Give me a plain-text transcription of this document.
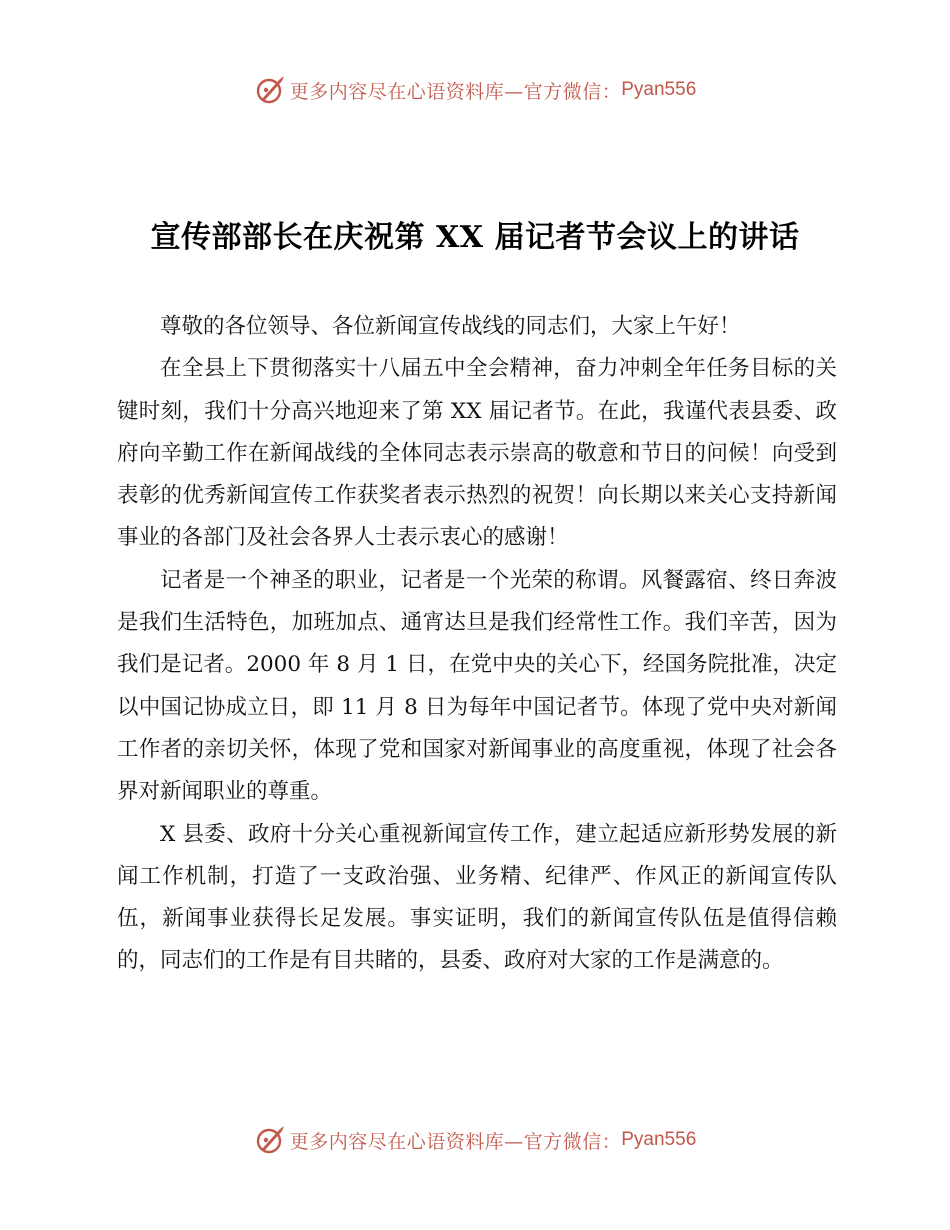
更多内容尽在心语资料库—官方微信： Pyan556
宣传部部长在庆祝第 XX 届记者节会议上的讲话

尊敬的各位领导、各位新闻宣传战线的同志们，大家上午好！

在全县上下贯彻落实十八届五中全会精神，奋力冲刺全年任务目标的关键时刻，我们十分高兴地迎来了第 XX 届记者节。在此，我谨代表县委、政府向辛勤工作在新闻战线的全体同志表示崇高的敬意和节日的问候！向受到表彰的优秀新闻宣传工作获奖者表示热烈的祝贺！向长期以来关心支持新闻事业的各部门及社会各界人士表示衷心的感谢！

记者是一个神圣的职业，记者是一个光荣的称谓。风餐露宿、终日奔波是我们生活特色，加班加点、通宵达旦是我们经常性工作。我们辛苦，因为我们是记者。2000 年 8 月 1 日，在党中央的关心下，经国务院批准，决定以中国记协成立日，即 11 月 8 日为每年中国记者节。体现了党中央对新闻工作者的亲切关怀，体现了党和国家对新闻事业的高度重视，体现了社会各界对新闻职业的尊重。

X 县委、政府十分关心重视新闻宣传工作，建立起适应新形势发展的新闻工作机制，打造了一支政治强、业务精、纪律严、作风正的新闻宣传队伍，新闻事业获得长足发展。事实证明，我们的新闻宣传队伍是值得信赖的，同志们的工作是有目共睹的，县委、政府对大家的工作是满意的。

更多内容尽在心语资料库—官方微信： Pyan556
